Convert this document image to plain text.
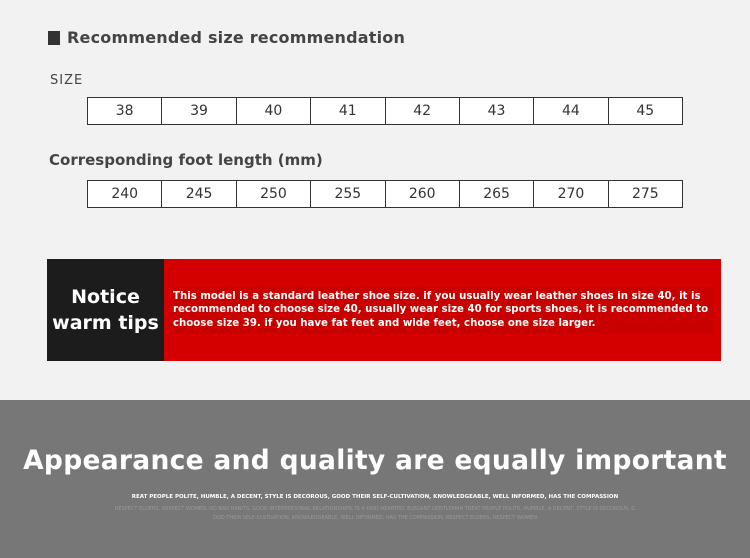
Recommended size recommendation
SIZE
38	39	40	41	42	43	44	45
Corresponding foot length (mm)
240	245	250	255	260	265	270	275
Notice
warm tips
This model is a standard leather shoe size. if you usually wear leather shoes in size 40, it is recommended to choose size 40, usually wear size 40 for sports shoes, it is recommended to choose size 39. if you have fat feet and wide feet, choose one size larger.
Appearance and quality are equally important
REAT PEOPLE POLITE, HUMBLE, A DECENT, STYLE IS DECOROUS, GOOD THEIR SELF-CULTIVATION, KNOWLEDGEABLE, WELL INFORMED, HAS THE COMPASSION
RESPECT ELDERS, RESPECT WOMEN, NO BAD HABITS, GOOD INTERPERSONAL RELATIONSHIPS, IS A KIND-HEARTED, ELEGANT GENTLEMAN TREAT PEOPLE POLITE, HUMBLE, A DECENT, STYLE IS DECOROUS, G
OOD THEIR SELF-CULTIVATION, KNOWLEDGEABLE, WELL INFORMED, HAS THE COMPASSION, RESPECT ELDERS, RESPECT WOMEN
